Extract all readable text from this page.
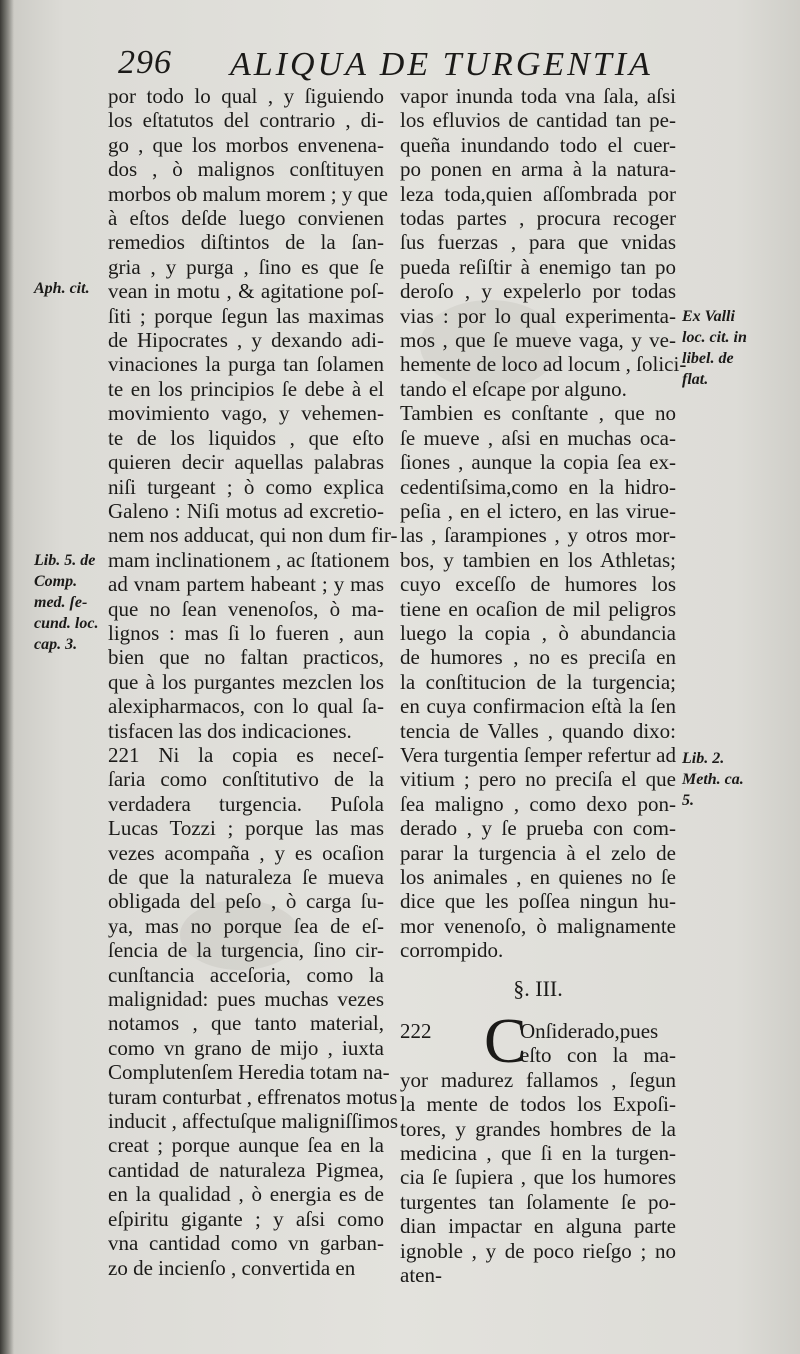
296 ALIQUA DE TURGENTIA
Aph. cit.
Lib. 5. de
Comp.
med. ſe-
cund. loc.
cap. 3.
Ex Valli
loc. cit. in
libel. de
flat.
Lib. 2.
Meth. ca.
5.
por todo lo qual , y ſiguiendo
los eſtatutos del contrario , di-
go , que los morbos envenena-
dos , ò malignos conſtituyen
morbos ob malum morem ; y que
à eſtos deſde luego convienen
remedios diſtintos de la ſan-
gria , y purga , ſino es que ſe
vean in motu , & agitatione poſ-
ſiti ; porque ſegun las maximas
de Hipocrates , y dexando adi-
vinaciones la purga tan ſolamen
te en los principios ſe debe à el
movimiento vago, y vehemen-
te de los liquidos , que eſto
quieren decir aquellas palabras
niſi turgeant ; ò como explica
Galeno : Niſi motus ad excretio-
nem nos adducat, qui non dum fir-
mam inclinationem , ac ſtationem
ad vnam partem habeant ; y mas
que no ſean venenoſos, ò ma-
lignos : mas ſi lo fueren , aun
bien que no faltan practicos,
que à los purgantes mezclen los
alexipharmacos, con lo qual ſa-
tisfacen las dos indicaciones.
221 Ni la copia es neceſ-
ſaria como conſtitutivo de la
verdadera turgencia. Puſola
Lucas Tozzi ; porque las mas
vezes acompaña , y es ocaſion
de que la naturaleza ſe mueva
obligada del peſo , ò carga ſu-
ya, mas no porque ſea de eſ-
ſencia de la turgencia, ſino cir-
cunſtancia acceſoria, como la
malignidad: pues muchas vezes
notamos , que tanto material,
como vn grano de mijo , iuxta
Complutenſem Heredia totam na-
turam conturbat , effrenatos motus
inducit , affectuſque maligniſſimos
creat ; porque aunque ſea en la
cantidad de naturaleza Pigmea,
en la qualidad , ò energia es de
eſpiritu gigante ; y aſsi como
vna cantidad como vn garban-
zo de incienſo , convertida en
vapor inunda toda vna ſala, aſsi
los efluvios de cantidad tan pe-
queña inundando todo el cuer-
po ponen en arma à la natura-
leza toda,quien aſſombrada por
todas partes , procura recoger
ſus fuerzas , para que vnidas
pueda reſiſtir à enemigo tan po
deroſo , y expelerlo por todas
vias : por lo qual experimenta-
mos , que ſe mueve vaga, y ve-
hemente de loco ad locum , ſolici-
tando el eſcape por alguno.
Tambien es conſtante , que no
ſe mueve , aſsi en muchas oca-
ſiones , aunque la copia ſea ex-
cedentiſsima,como en la hidro-
peſia , en el ictero, en las virue-
las , ſarampiones , y otros mor-
bos, y tambien en los Athletas;
cuyo exceſſo de humores los
tiene en ocaſion de mil peligros
luego la copia , ò abundancia
de humores , no es preciſa en
la conſtitucion de la turgencia;
en cuya confirmacion eſtà la ſen
tencia de Valles , quando dixo:
Vera turgentia ſemper refertur ad
vitium ; pero no preciſa el que
ſea maligno , como dexo pon-
derado , y ſe prueba con com-
parar la turgencia à el zelo de
los animales , en quienes no ſe
dice que les poſſea ningun hu-
mor venenoſo, ò malignamente
corrompido.
§. III.
222	Onſiderado,pues
C
eſto con la ma-
yor madurez fallamos , ſegun
la mente de todos los Expoſi-
tores, y grandes hombres de la
medicina , que ſi en la turgen-
cia ſe ſupiera , que los humores
turgentes tan ſolamente ſe po-
dian impactar en alguna parte
ignoble , y de poco rieſgo ; no
aten-
